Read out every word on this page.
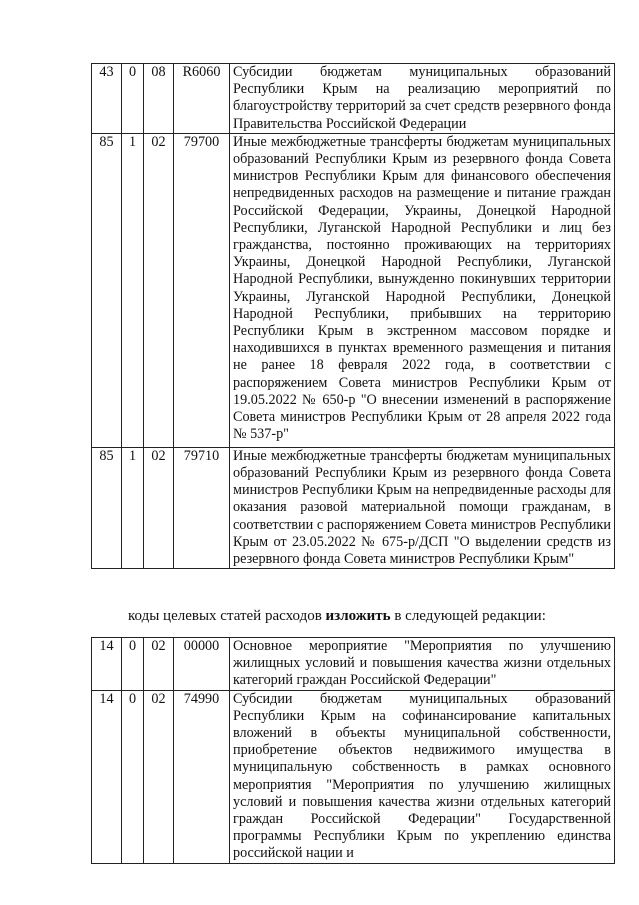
43	0	08	R6060	Субсидии бюджетам муниципальных образований Республики Крым на реализацию мероприятий по благоустройству территорий за счет средств резервного фонда Правительства Российской Федерации
85	1	02	79700	Иные межбюджетные трансферты бюджетам муниципальных образований Республики Крым из резервного фонда Совета министров Республики Крым для финансового обеспечения непредвиденных расходов на размещение и питание граждан Российской Федерации, Украины, Донецкой Народной Республики, Луганской Народной Республики и лиц без гражданства, постоянно проживающих на территориях Украины, Донецкой Народной Республики, Луганской Народной Республики, вынужденно покинувших территории Украины, Луганской Народной Республики, Донецкой Народной Республики, прибывших на территорию Республики Крым в экстренном массовом порядке и находившихся в пунктах временного размещения и питания не ранее 18 февраля 2022 года, в соответствии с распоряжением Совета министров Республики Крым от 19.05.2022 № 650-р "О внесении изменений в распоряжение Совета министров Республики Крым от 28 апреля 2022 года № 537-р"
85	1	02	79710	Иные межбюджетные трансферты бюджетам муниципальных образований Республики Крым из резервного фонда Совета министров Республики Крым на непредвиденные расходы для оказания разовой материальной помощи гражданам, в соответствии с распоряжением Совета министров Республики Крым от 23.05.2022 № 675-р/ДСП "О выделении средств из резервного фонда Совета министров Республики Крым"
коды целевых статей расходов изложить в следующей редакции:
14	0	02	00000	Основное мероприятие "Мероприятия по улучшению жилищных условий и повышения качества жизни отдельных категорий граждан Российской Федерации"
14	0	02	74990	Субсидии бюджетам муниципальных образований Республики Крым на софинансирование капитальных вложений в объекты муниципальной собственности, приобретение объектов недвижимого имущества в муниципальную собственность в рамках основного мероприятия "Мероприятия по улучшению жилищных условий и повышения качества жизни отдельных категорий граждан Российской Федерации" Государственной программы Республики Крым по укреплению единства российской нации и
